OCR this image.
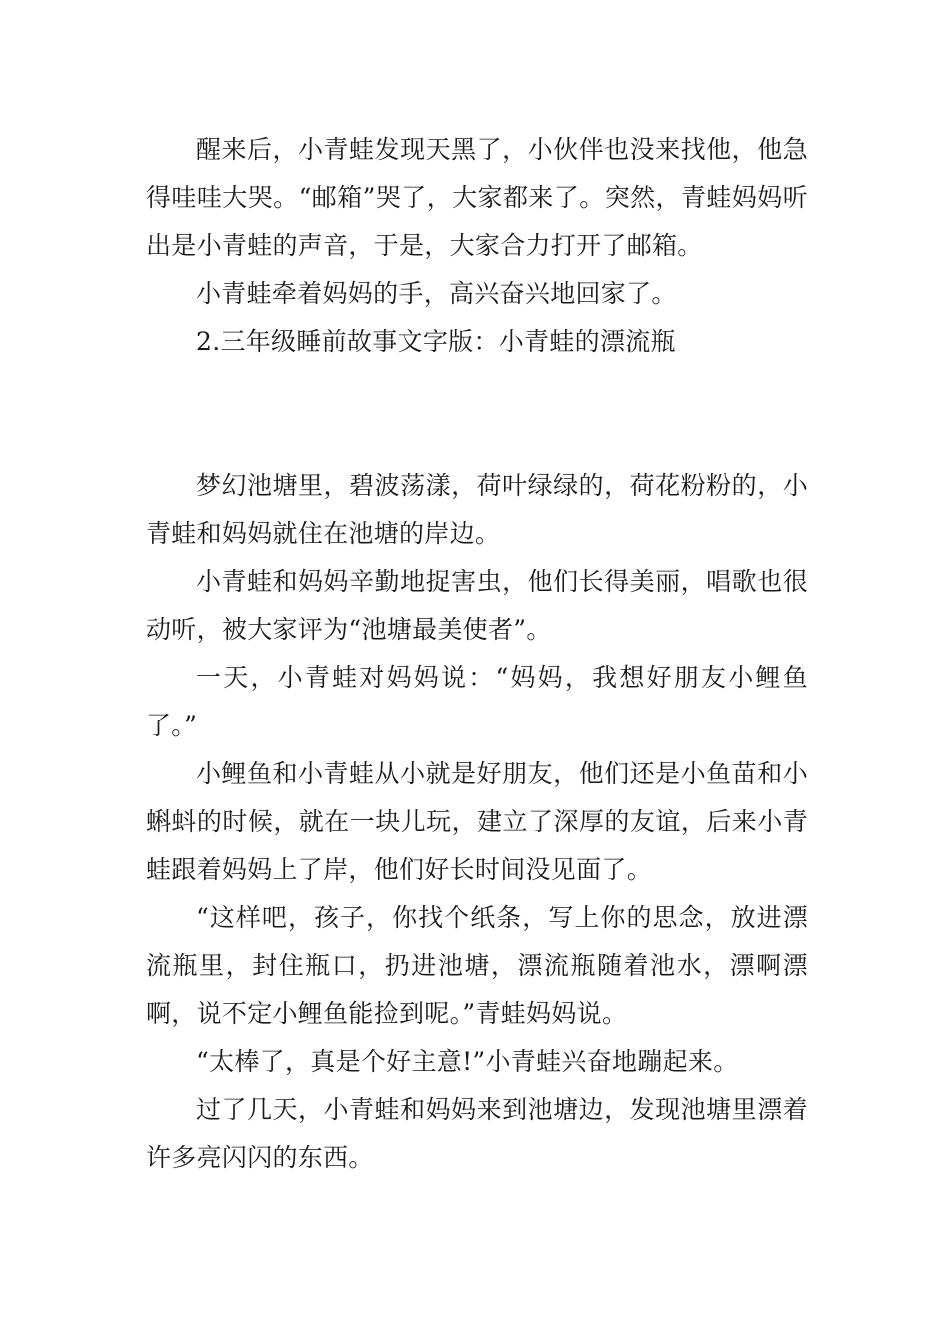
醒来后，小青蛙发现天黑了，小伙伴也没来找他，他急得哇哇大哭。“邮箱”哭了，大家都来了。突然，青蛙妈妈听出是小青蛙的声音，于是，大家合力打开了邮箱。

小青蛙牵着妈妈的手，高兴奋兴地回家了。

2.三年级睡前故事文字版：小青蛙的漂流瓶

梦幻池塘里，碧波荡漾，荷叶绿绿的，荷花粉粉的，小青蛙和妈妈就住在池塘的岸边。

小青蛙和妈妈辛勤地捉害虫，他们长得美丽，唱歌也很动听，被大家评为“池塘最美使者”。

一天，小青蛙对妈妈说：“妈妈，我想好朋友小鲤鱼了。”

小鲤鱼和小青蛙从小就是好朋友，他们还是小鱼苗和小蝌蚪的时候，就在一块儿玩，建立了深厚的友谊，后来小青蛙跟着妈妈上了岸，他们好长时间没见面了。

“这样吧，孩子，你找个纸条，写上你的思念，放进漂流瓶里，封住瓶口，扔进池塘，漂流瓶随着池水，漂啊漂啊，说不定小鲤鱼能捡到呢。”青蛙妈妈说。

“太棒了，真是个好主意!”小青蛙兴奋地蹦起来。

过了几天，小青蛙和妈妈来到池塘边，发现池塘里漂着许多亮闪闪的东西。
